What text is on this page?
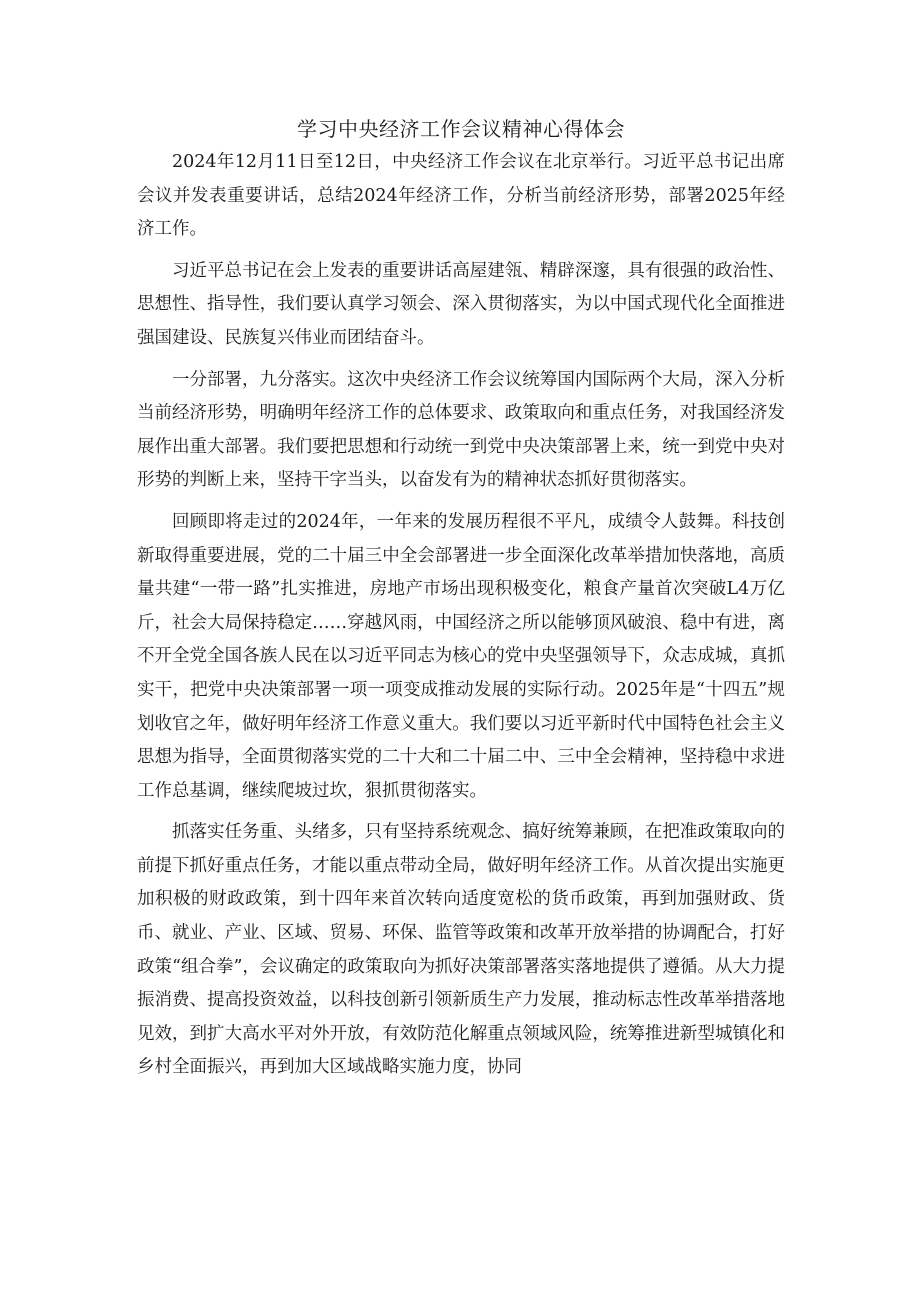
学习中央经济工作会议精神心得体会

2024年12月11日至12日，中央经济工作会议在北京举行。习近平总书记出席会议并发表重要讲话，总结2024年经济工作，分析当前经济形势，部署2025年经济工作。

习近平总书记在会上发表的重要讲话高屋建瓴、精辟深邃，具有很强的政治性、思想性、指导性，我们要认真学习领会、深入贯彻落实，为以中国式现代化全面推进强国建设、民族复兴伟业而团结奋斗。

一分部署，九分落实。这次中央经济工作会议统筹国内国际两个大局，深入分析当前经济形势，明确明年经济工作的总体要求、政策取向和重点任务，对我国经济发展作出重大部署。我们要把思想和行动统一到党中央决策部署上来，统一到党中央对形势的判断上来，坚持干字当头，以奋发有为的精神状态抓好贯彻落实。

回顾即将走过的2024年，一年来的发展历程很不平凡，成绩令人鼓舞。科技创新取得重要进展，党的二十届三中全会部署进一步全面深化改革举措加快落地，高质量共建“一带一路”扎实推进，房地产市场出现积极变化，粮食产量首次突破L4万亿斤，社会大局保持稳定……穿越风雨，中国经济之所以能够顶风破浪、稳中有进，离不开全党全国各族人民在以习近平同志为核心的党中央坚强领导下，众志成城，真抓实干，把党中央决策部署一项一项变成推动发展的实际行动。2025年是“十四五”规划收官之年，做好明年经济工作意义重大。我们要以习近平新时代中国特色社会主义思想为指导，全面贯彻落实党的二十大和二十届二中、三中全会精神，坚持稳中求进工作总基调，继续爬坡过坎，狠抓贯彻落实。

抓落实任务重、头绪多，只有坚持系统观念、搞好统筹兼顾，在把准政策取向的前提下抓好重点任务，才能以重点带动全局，做好明年经济工作。从首次提出实施更加积极的财政政策，到十四年来首次转向适度宽松的货币政策，再到加强财政、货币、就业、产业、区域、贸易、环保、监管等政策和改革开放举措的协调配合，打好政策“组合拳”，会议确定的政策取向为抓好决策部署落实落地提供了遵循。从大力提振消费、提高投资效益，以科技创新引领新质生产力发展，推动标志性改革举措落地见效，到扩大高水平对外开放，有效防范化解重点领域风险，统筹推进新型城镇化和乡村全面振兴，再到加大区域战略实施力度，协同
